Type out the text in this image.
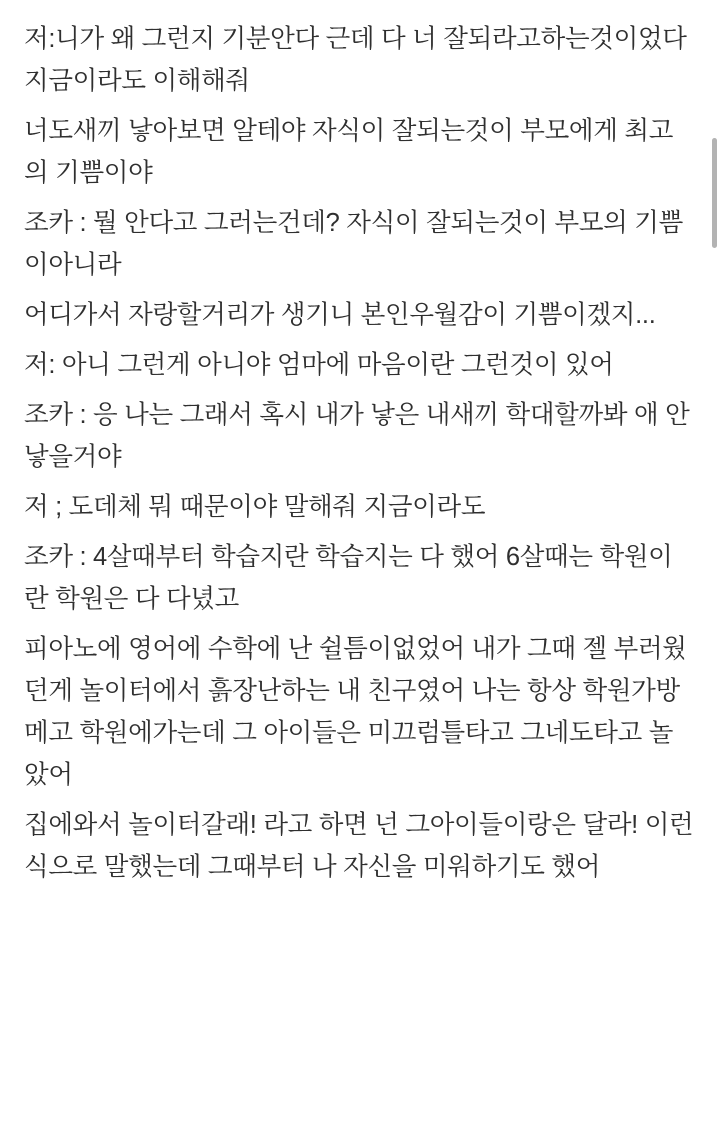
저:니가 왜 그런지 기분안다 근데 다 너 잘되라고하는것이었다 지금이라도 이해해줘

너도새끼 낳아보면 알테야 자식이 잘되는것이 부모에게 최고의 기쁨이야

조카 : 뭘 안다고 그러는건데? 자식이 잘되는것이 부모의 기쁨이아니라

어디가서 자랑할거리가 생기니 본인우월감이 기쁨이겠지...

저: 아니 그런게 아니야 엄마에 마음이란 그런것이 있어

조카 : 응 나는 그래서 혹시 내가 낳은 내새끼 학대할까봐 애 안낳을거야

저 ; 도데체 뭐 때문이야 말해줘 지금이라도

조카 : 4살때부터 학습지란 학습지는 다 했어 6살때는 학원이란 학원은 다 다녔고

피아노에 영어에 수학에 난 쉴틈이없었어 내가 그때 젤 부러웠던게 놀이터에서 흙장난하는 내 친구였어 나는 항상 학원가방 메고 학원에가는데 그 아이들은 미끄럼틀타고 그네도타고 놀았어

집에와서 놀이터갈래! 라고 하면 넌 그아이들이랑은 달라! 이런식으로 말했는데 그때부터 나 자신을 미워하기도 했어
